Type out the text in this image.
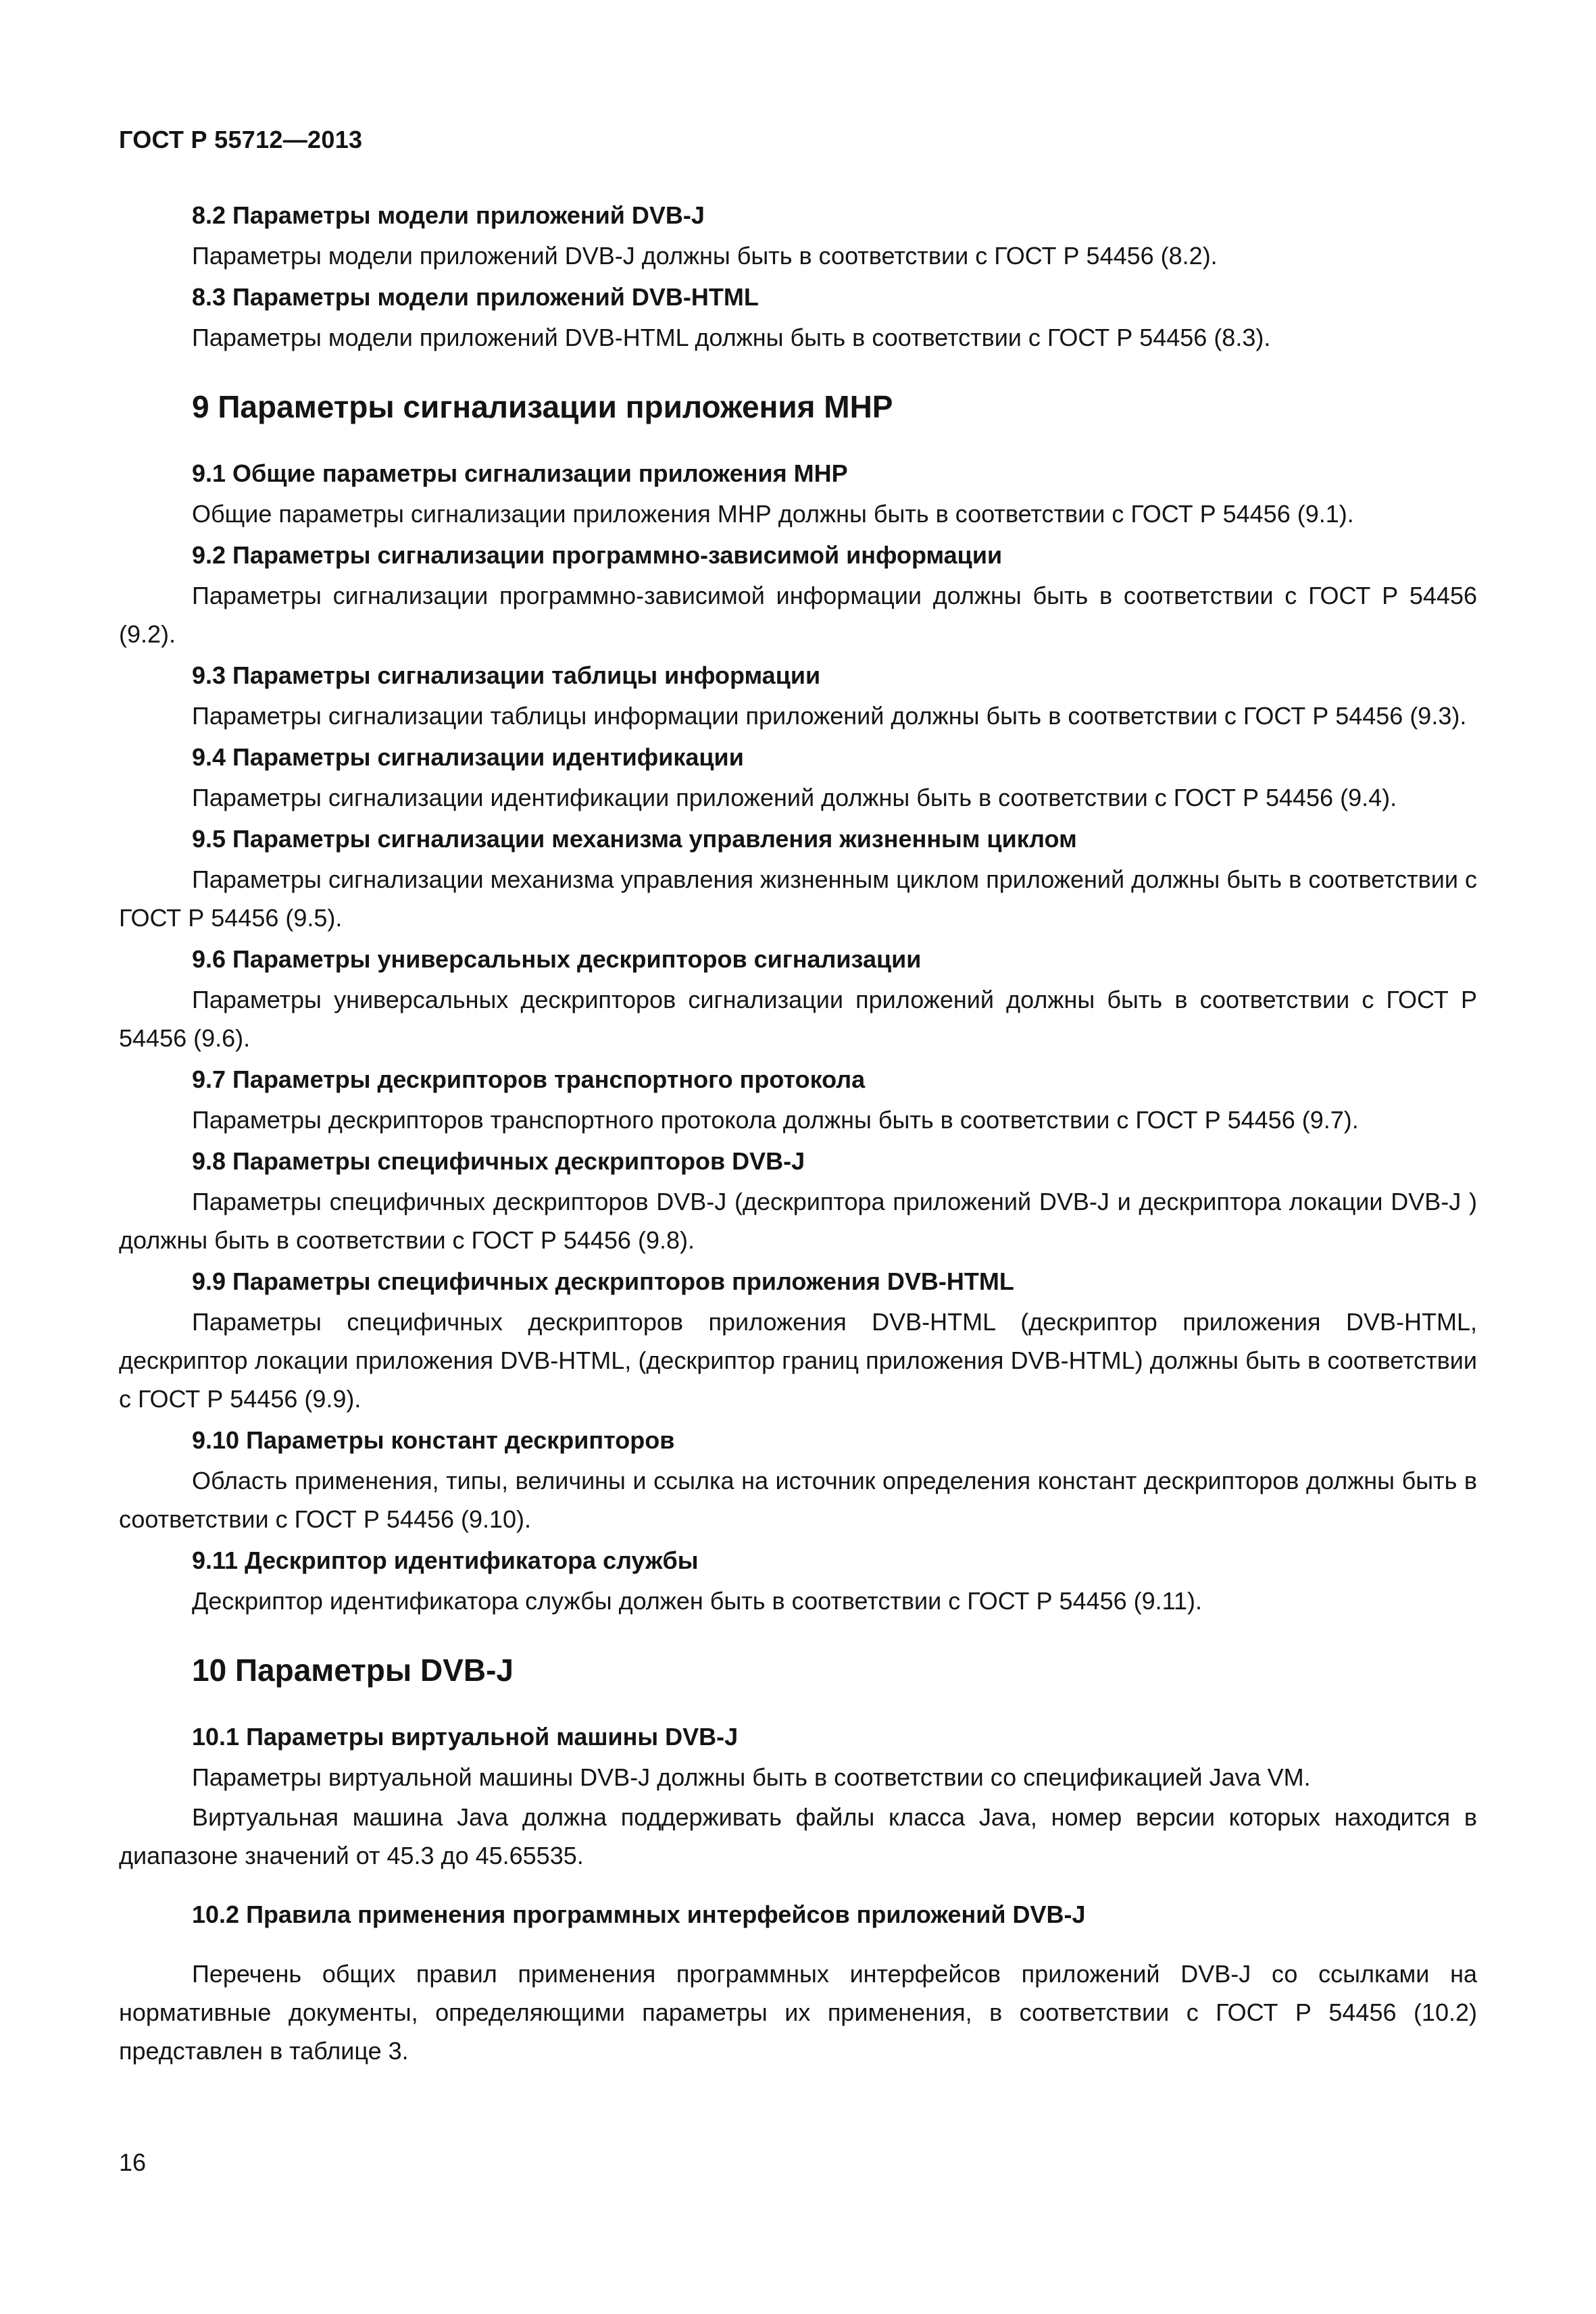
ГОСТ Р 55712—2013
8.2 Параметры модели приложений DVB-J
Параметры модели приложений DVB-J должны быть в соответствии с ГОСТ Р 54456 (8.2).
8.3 Параметры модели приложений DVB-HTML
Параметры модели приложений DVB-HTML должны быть в соответствии с ГОСТ Р 54456 (8.3).
9 Параметры сигнализации приложения МНР
9.1 Общие параметры сигнализации приложения МНР
Общие параметры сигнализации приложения МНР должны быть в соответствии с ГОСТ Р 54456 (9.1).
9.2 Параметры сигнализации программно-зависимой информации
Параметры сигнализации программно-зависимой информации должны быть в соответствии с ГОСТ Р 54456 (9.2).
9.3 Параметры сигнализации таблицы информации
Параметры сигнализации таблицы информации приложений должны быть в соответствии с ГОСТ Р 54456 (9.3).
9.4 Параметры сигнализации идентификации
Параметры сигнализации идентификации приложений должны быть в соответствии с ГОСТ Р 54456 (9.4).
9.5 Параметры сигнализации механизма управления жизненным циклом
Параметры сигнализации механизма управления жизненным циклом приложений должны быть в соответствии с ГОСТ Р 54456 (9.5).
9.6 Параметры универсальных дескрипторов сигнализации
Параметры универсальных дескрипторов сигнализации приложений должны быть в соответствии с ГОСТ Р 54456 (9.6).
9.7 Параметры дескрипторов транспортного протокола
Параметры дескрипторов транспортного протокола должны быть в соответствии с ГОСТ Р 54456 (9.7).
9.8 Параметры специфичных дескрипторов DVB-J
Параметры специфичных дескрипторов DVB-J (дескриптора приложений DVB-J и дескриптора локации DVB-J ) должны быть в соответствии с ГОСТ Р 54456 (9.8).
9.9 Параметры специфичных дескрипторов приложения DVB-HTML
Параметры специфичных дескрипторов приложения DVB-HTML (дескриптор приложения DVB-HTML, дескриптор локации приложения DVB-HTML, (дескриптор границ приложения DVB-HTML) должны быть в соответствии с ГОСТ Р 54456 (9.9).
9.10 Параметры констант дескрипторов
Область применения, типы, величины и ссылка на источник определения констант дескрипторов должны быть в соответствии с ГОСТ Р 54456 (9.10).
9.11 Дескриптор идентификатора службы
Дескриптор идентификатора службы должен быть в соответствии с ГОСТ Р 54456 (9.11).
10 Параметры DVB-J
10.1 Параметры виртуальной машины DVB-J
Параметры виртуальной машины DVB-J должны быть в соответствии со спецификацией Java VM.
Виртуальная машина Java должна поддерживать файлы класса Java, номер версии которых находится в диапазоне значений от 45.3 до 45.65535.
10.2 Правила применения программных интерфейсов приложений DVB-J
Перечень общих правил применения программных интерфейсов приложений DVB-J со ссылками на нормативные документы, определяющими параметры их применения, в соответствии с ГОСТ Р 54456 (10.2) представлен в таблице 3.
16
